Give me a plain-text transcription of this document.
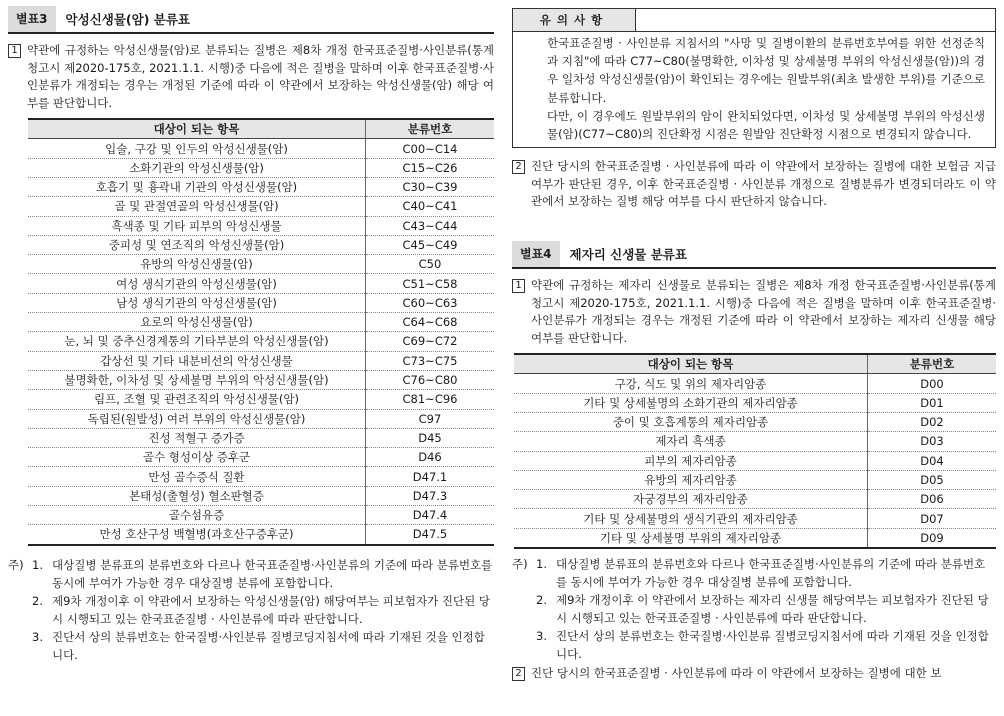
별표3	악성신생물(암) 분류표
1 약관에 규정하는 악성신생물(암)로 분류되는 질병은 제8차 개정 한국표준질병·사인분류(통계청고시 제2020-175호, 2021.1.1. 시행)중 다음에 적은 질병을 말하며 이후 한국표준질병·사인분류가 개정되는 경우는 개정된 기준에 따라 이 약관에서 보장하는 악성신생물(암) 해당 여부를 판단합니다.
대상이 되는 항목	분류번호
입술, 구강 및 인두의 악성신생물(암)	C00~C14
소화기관의 악성신생물(암)	C15~C26
호흡기 및 흉곽내 기관의 악성신생물(암)	C30~C39
골 및 관절연골의 악성신생물(암)	C40~C41
흑색종 및 기타 피부의 악성신생물	C43~C44
중피성 및 연조직의 악성신생물(암)	C45~C49
유방의 악성신생물(암)	C50
여성 생식기관의 악성신생물(암)	C51~C58
남성 생식기관의 악성신생물(암)	C60~C63
요로의 악성신생물(암)	C64~C68
눈, 뇌 및 중추신경계통의 기타부분의 악성신생물(암)	C69~C72
갑상선 및 기타 내분비선의 악성신생물	C73~C75
불명확한, 이차성 및 상세불명 부위의 악성신생물(암)	C76~C80
림프, 조혈 및 관련조직의 악성신생물(암)	C81~C96
독립된(원발성) 여러 부위의 악성신생물(암)	C97
진성 적혈구 증가증	D45
골수 형성이상 증후군	D46
만성 골수증식 질환	D47.1
본태성(출혈성) 혈소판혈증	D47.3
골수섬유증	D47.4
만성 호산구성 백혈병(과호산구증후군)	D47.5
주) 1. 대상질병 분류표의 분류번호와 다르나 한국표준질병·사인분류의 기준에 따라 분류번호를 동시에 부여가 가능한 경우 대상질병 분류에 포함합니다.
2. 제9차 개정이후 이 약관에서 보장하는 악성신생물(암) 해당여부는 피보험자가 진단된 당시 시행되고 있는 한국표준질병 · 사인분류에 따라 판단합니다.
3. 진단서 상의 분류번호는 한국질병·사인분류 질병코딩지침서에 따라 기재된 것을 인정합니다.
유의사항
한국표준질병 · 사인분류 지침서의 "사망 및 질병이환의 분류번호부여를 위한 선정준칙과 지침"에 따라 C77~C80(불명확한, 이차성 및 상세불명 부위의 악성신생물(암))의 경우 일차성 악성신생물(암)이 확인되는 경우에는 원발부위(최초 발생한 부위)를 기준으로 분류합니다.
다만, 이 경우에도 원발부위의 암이 완치되었다면, 이차성 및 상세불명 부위의 악성신생물(암)(C77~C80)의 진단확정 시점은 원발암 진단확정 시점으로 변경되지 않습니다.
2 진단 당시의 한국표준질병 · 사인분류에 따라 이 약관에서 보장하는 질병에 대한 보험금 지급여부가 판단된 경우, 이후 한국표준질병 · 사인분류 개정으로 질병분류가 변경되더라도 이 약관에서 보장하는 질병 해당 여부를 다시 판단하지 않습니다.
별표4	제자리 신생물 분류표
1 약관에 규정하는 제자리 신생물로 분류되는 질병은 제8차 개정 한국표준질병·사인분류(통계청고시 제2020-175호, 2021.1.1. 시행)중 다음에 적은 질병을 말하며 이후 한국표준질병·사인분류가 개정되는 경우는 개정된 기준에 따라 이 약관에서 보장하는 제자리 신생물 해당 여부를 판단합니다.
대상이 되는 항목	분류번호
구강, 식도 및 위의 제자리암종	D00
기타 및 상세불명의 소화기관의 제자리암종	D01
중이 및 호흡계통의 제자리암종	D02
제자리 흑색종	D03
피부의 제자리암종	D04
유방의 제자리암종	D05
자궁경부의 제자리암종	D06
기타 및 상세불명의 생식기관의 제자리암종	D07
기타 및 상세불명 부위의 제자리암종	D09
주) 1. 대상질병 분류표의 분류번호와 다르나 한국표준질병·사인분류의 기준에 따라 분류번호를 동시에 부여가 가능한 경우 대상질병 분류에 포함합니다.
2. 제9차 개정이후 이 약관에서 보장하는 제자리 신생물 해당여부는 피보험자가 진단된 당시 시행되고 있는 한국표준질병 · 사인분류에 따라 판단합니다.
3. 진단서 상의 분류번호는 한국질병·사인분류 질병코딩지침서에 따라 기재된 것을 인정합니다.
2 진단 당시의 한국표준질병 · 사인분류에 따라 이 약관에서 보장하는 질병에 대한 보
